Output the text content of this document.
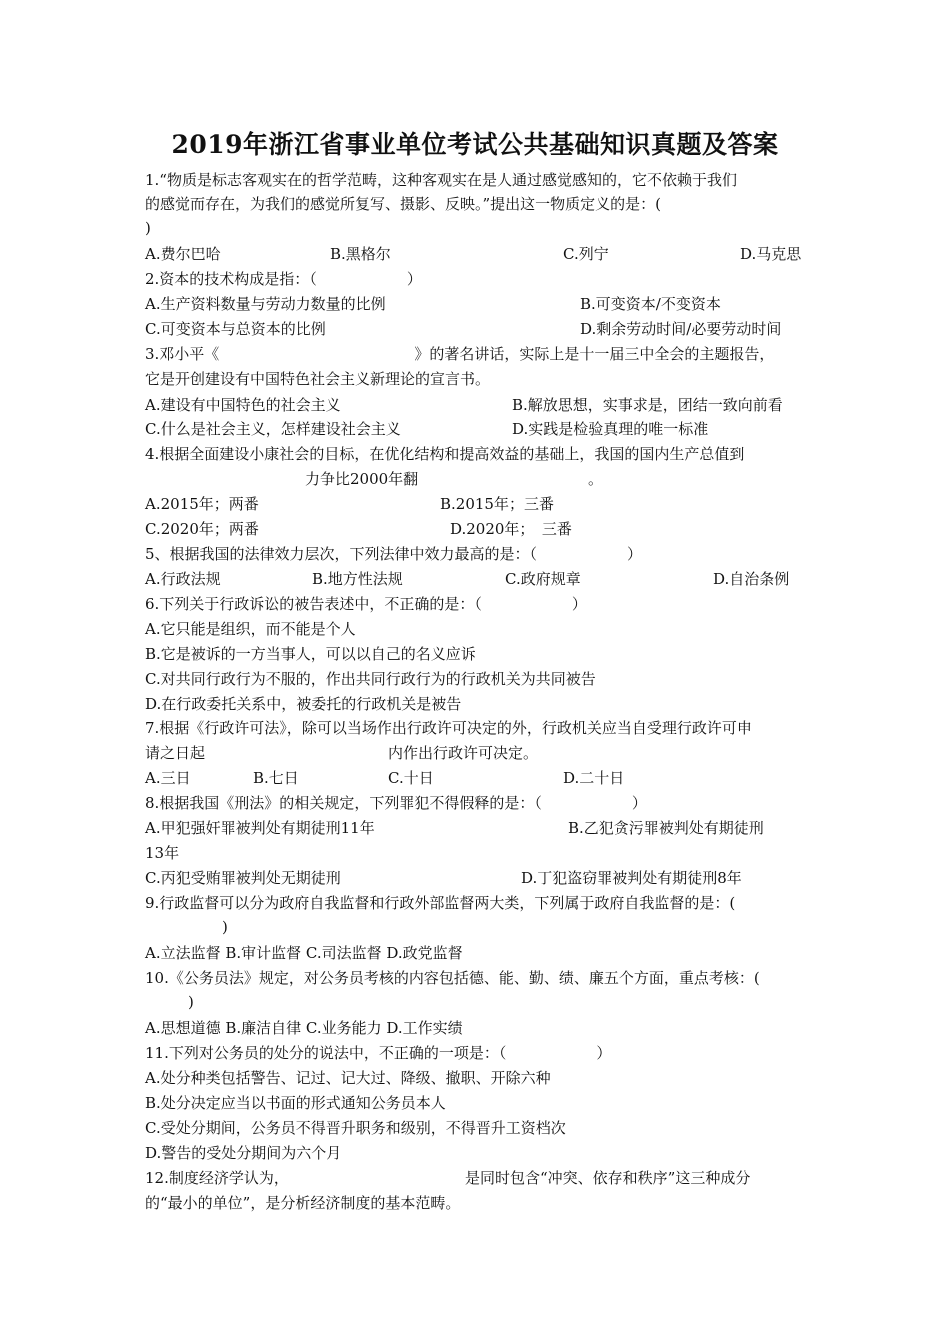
2019年浙江省事业单位考试公共基础知识真题及答案
1.“物质是标志客观实在的哲学范畴，这种客观实在是人通过感觉感知的，它不依赖于我们
的感觉而存在，为我们的感觉所复写、摄影、反映。”提出这一物质定义的是：(
)
A.费尔巴哈	B.黑格尔	C.列宁	D.马克思
2.资本的技术构成是指：（　　　　　　）
A.生产资料数量与劳动力数量的比例	B.可变资本/不变资本
C.可变资本与总资本的比例	D.剩余劳动时间/必要劳动时间
3.邓小平《　　　　　　　　　　　　　》的著名讲话，实际上是十一届三中全会的主题报告，
它是开创建设有中国特色社会主义新理论的宣言书。
A.建设有中国特色的社会主义	B.解放思想，实事求是，团结一致向前看
C.什么是社会主义，怎样建设社会主义	D.实践是检验真理的唯一标准
4.根据全面建设小康社会的目标，在优化结构和提高效益的基础上，我国的国内生产总值到
力争比2000年翻	。
A.2015年；两番	B.2015年；三番
C.2020年；两番	D.2020年；　三番
5、根据我国的法律效力层次，下列法律中效力最高的是：（　　　　　　）
A.行政法规	B.地方性法规	C.政府规章	D.自治条例
6.下列关于行政诉讼的被告表述中，不正确的是：（　　　　　　）
A.它只能是组织，而不能是个人
B.它是被诉的一方当事人，可以以自己的名义应诉
C.对共同行政行为不服的，作出共同行政行为的行政机关为共同被告
D.在行政委托关系中，被委托的行政机关是被告
7.根据《行政许可法》，除可以当场作出行政许可决定的外，行政机关应当自受理行政许可申
请之日起	内作出行政许可决定。
A.三日	B.七日	C.十日	D.二十日
8.根据我国《刑法》的相关规定，下列罪犯不得假释的是：（　　　　　　）
A.甲犯强奸罪被判处有期徒刑11年	B.乙犯贪污罪被判处有期徒刑
13年
C.丙犯受贿罪被判处无期徒刑	D.丁犯盗窃罪被判处有期徒刑8年
9.行政监督可以分为政府自我监督和行政外部监督两大类，下列属于政府自我监督的是：(
)
A.立法监督 B.审计监督 C.司法监督 D.政党监督
10.《公务员法》规定，对公务员考核的内容包括德、能、勤、绩、廉五个方面，重点考核：(
)
A.思想道德 B.廉洁自律 C.业务能力 D.工作实绩
11.下列对公务员的处分的说法中，不正确的一项是：（　　　　　　）
A.处分种类包括警告、记过、记大过、降级、撤职、开除六种
B.处分决定应当以书面的形式通知公务员本人
C.受处分期间，公务员不得晋升职务和级别，不得晋升工资档次
D.警告的受处分期间为六个月
12.制度经济学认为，	是同时包含“冲突、依存和秩序”这三种成分
的“最小的单位”，是分析经济制度的基本范畴。
